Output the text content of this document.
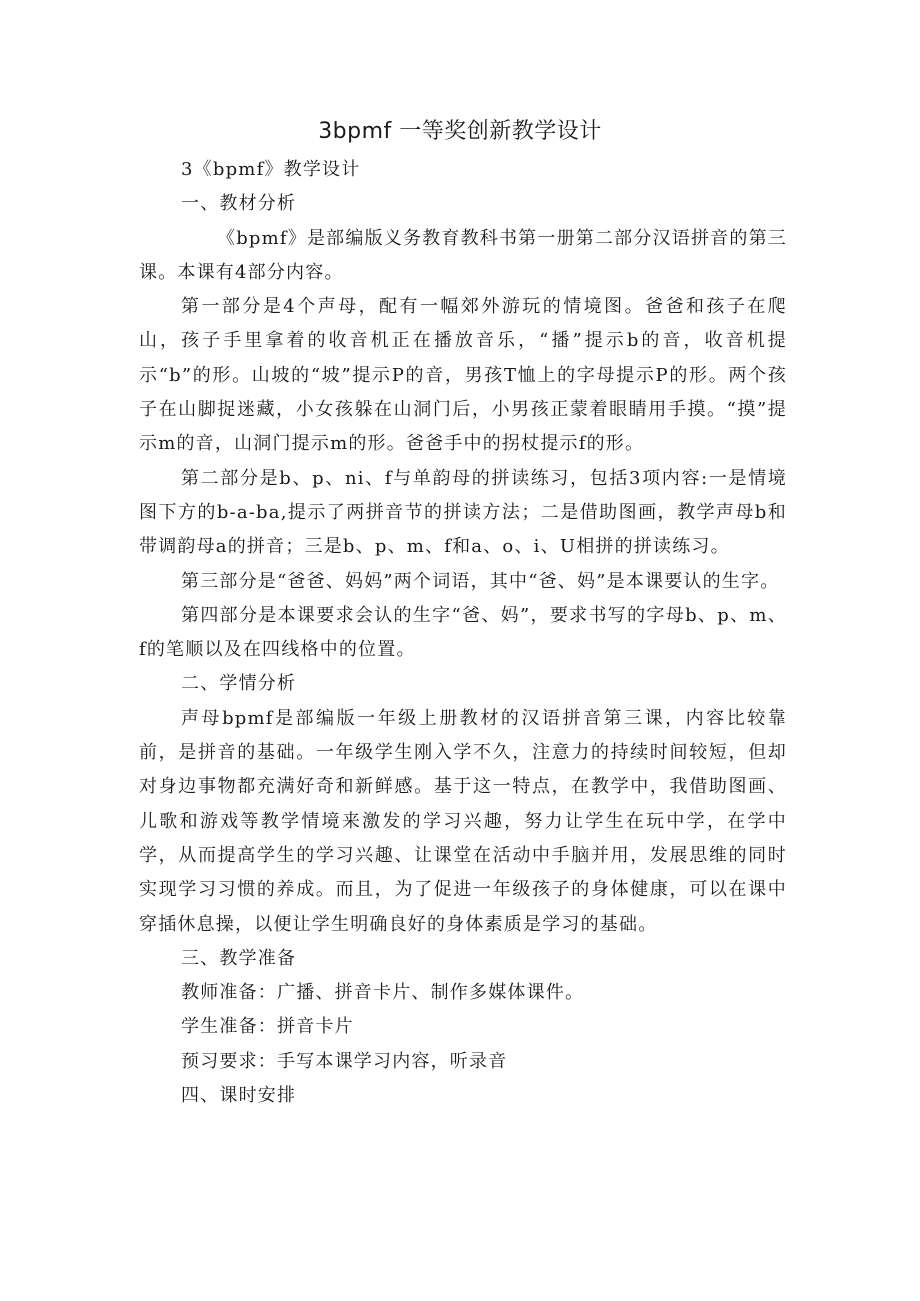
3bpmf 一等奖创新教学设计

3《bpmf》教学设计

一、教材分析

《bpmf》是部编版义务教育教科书第一册第二部分汉语拼音的第三课。本课有4部分内容。

第一部分是4个声母，配有一幅郊外游玩的情境图。爸爸和孩子在爬山，孩子手里拿着的收音机正在播放音乐，“播”提示b的音，收音机提示“b”的形。山坡的“坡”提示P的音，男孩T恤上的字母提示P的形。两个孩子在山脚捉迷藏，小女孩躲在山洞门后，小男孩正蒙着眼睛用手摸。“摸”提示m的音，山洞门提示m的形。爸爸手中的拐杖提示f的形。

第二部分是b、p、ni、f与单韵母的拼读练习，包括3项内容:一是情境图下方的b-a-ba,提示了两拼音节的拼读方法；二是借助图画，教学声母b和带调韵母a的拼音；三是b、p、m、f和a、o、i、U相拼的拼读练习。

第三部分是“爸爸、妈妈”两个词语，其中“爸、妈”是本课要认的生字。

第四部分是本课要求会认的生字“爸、妈”，要求书写的字母b、p、m、f的笔顺以及在四线格中的位置。

二、学情分析

声母bpmf是部编版一年级上册教材的汉语拼音第三课，内容比较靠前，是拼音的基础。一年级学生刚入学不久，注意力的持续时间较短，但却对身边事物都充满好奇和新鲜感。基于这一特点，在教学中，我借助图画、儿歌和游戏等教学情境来激发的学习兴趣，努力让学生在玩中学，在学中学，从而提高学生的学习兴趣、让课堂在活动中手脑并用，发展思维的同时实现学习习惯的养成。而且，为了促进一年级孩子的身体健康，可以在课中穿插休息操，以便让学生明确良好的身体素质是学习的基础。

三、教学准备

教师准备：广播、拼音卡片、制作多媒体课件。

学生准备：拼音卡片

预习要求：手写本课学习内容，听录音

四、课时安排
